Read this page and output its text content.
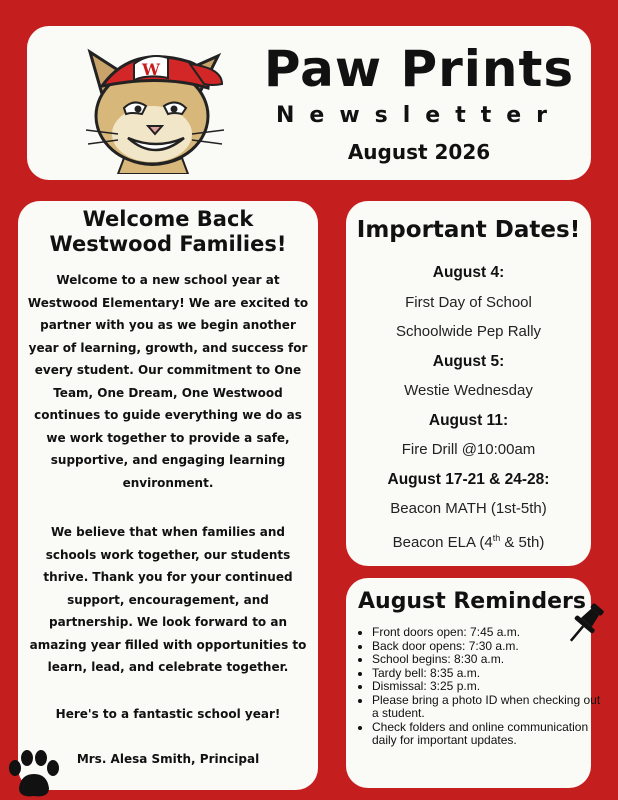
W Paw Prints
Newsletter
August 2026
Welcome Back
Westwood Families!
Welcome to a new school year at Westwood Elementary! We are excited to partner with you as we begin another year of learning, growth, and success for every student. Our commitment to One Team, One Dream, One Westwood continues to guide everything we do as we work together to provide a safe, supportive, and engaging learning environment.
We believe that when families and schools work together, our students thrive. Thank you for your continued support, encouragement, and partnership. We look forward to an amazing year filled with opportunities to learn, lead, and celebrate together.
Here's to a fantastic school year!
Mrs. Alesa Smith, Principal
Important Dates!
August 4:
First Day of School
Schoolwide Pep Rally
August 5:
Westie Wednesday
August 11:
Fire Drill @10:00am
August 17-21 & 24-28:
Beacon MATH (1st-5th)
Beacon ELA (4th & 5th)
August Reminders
• Front doors open: 7:45 a.m.
• Back door opens: 7:30 a.m.
• School begins: 8:30 a.m.
• Tardy bell: 8:35 a.m.
• Dismissal: 3:25 p.m.
• Please bring a photo ID when checking out a student.
• Check folders and online communication daily for important updates.
